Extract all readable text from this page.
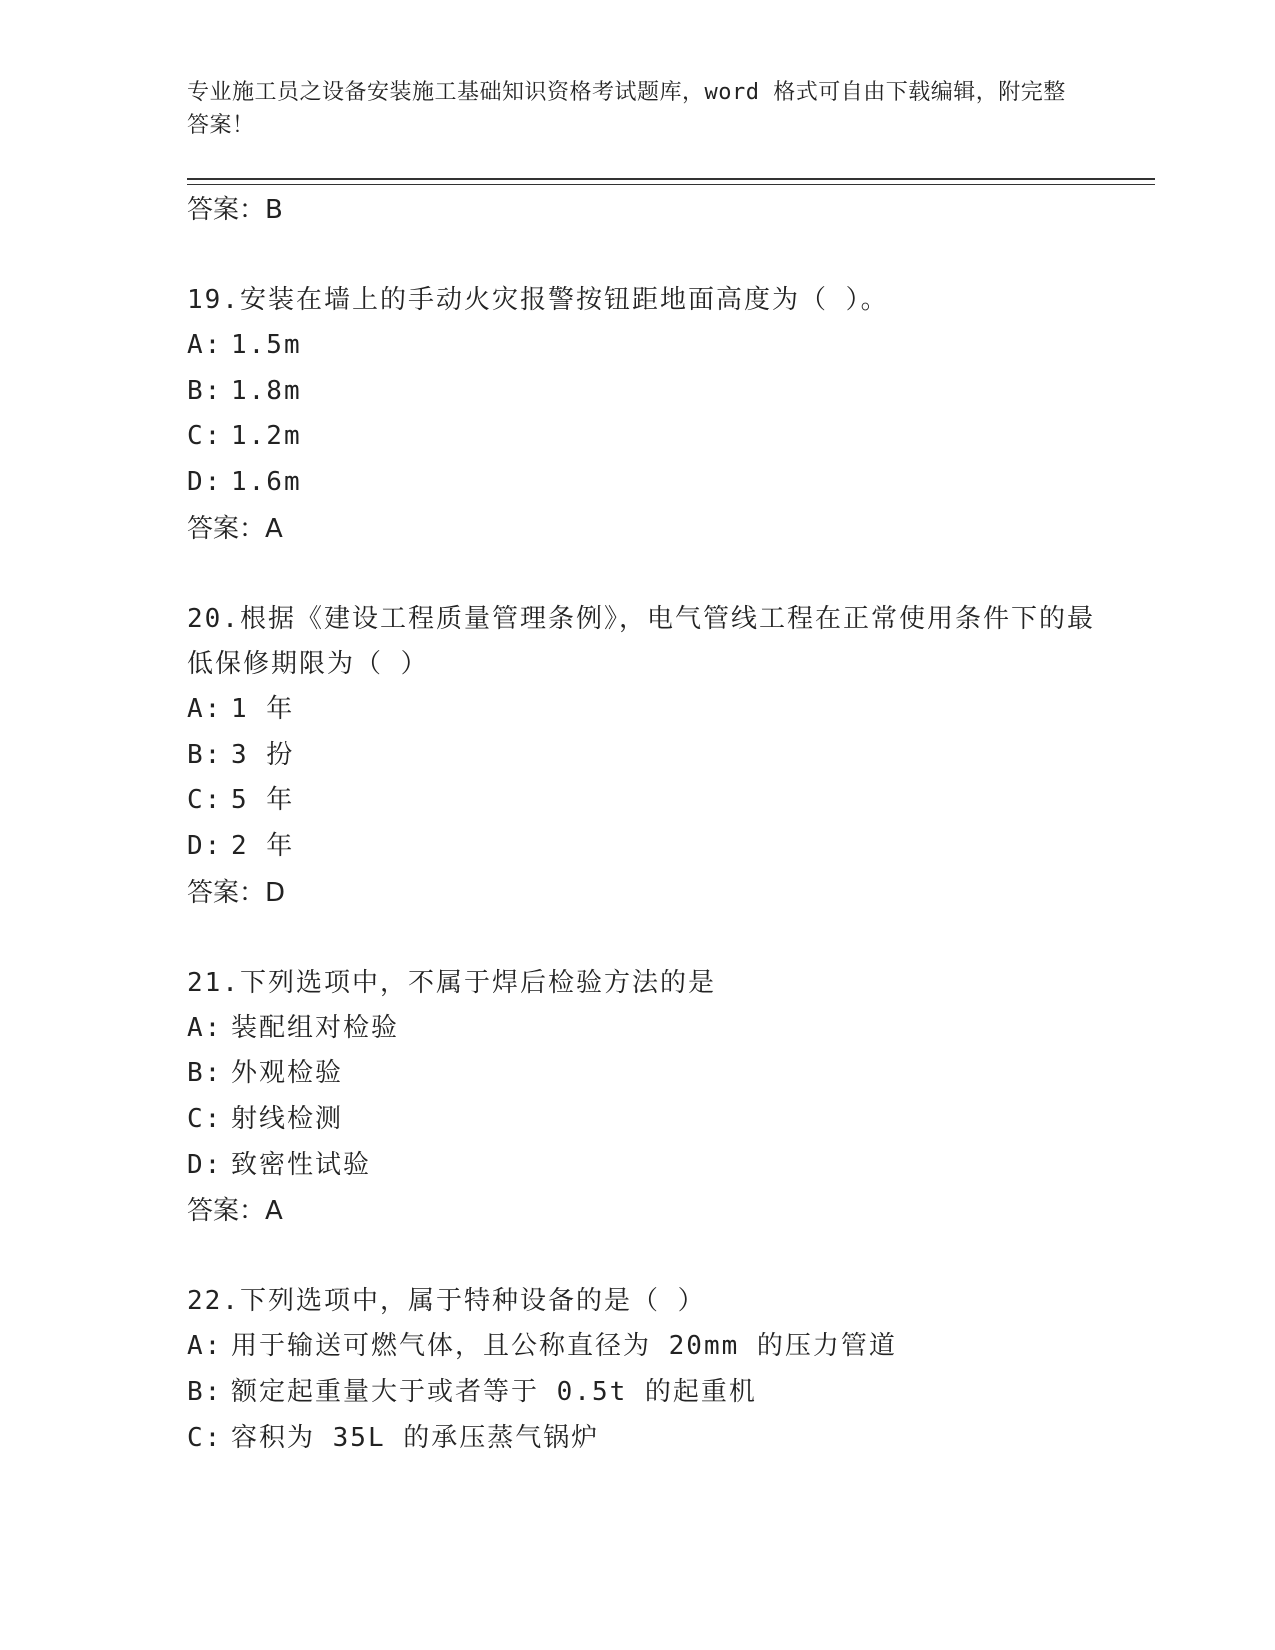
专业施工员之设备安装施工基础知识资格考试题库，word 格式可自由下载编辑，附完整答案！

答案：B

19.安装在墙上的手动火灾报警按钮距地面高度为（ ）。

A: 1.5m

B: 1.8m

C: 1.2m

D: 1.6m

答案：A

20.根据《建设工程质量管理条例》，电气管线工程在正常使用条件下的最低保修期限为（ ）

A: 1 年

B: 3 扮

C: 5 年

D: 2 年

答案：D

21.下列选项中，不属于焊后检验方法的是

A: 装配组对检验

B: 外观检验

C: 射线检测

D: 致密性试验

答案：A

22.下列选项中，属于特种设备的是（ ）

A: 用于输送可燃气体，且公称直径为 20mm 的压力管道

B: 额定起重量大于或者等于 0.5t 的起重机

C: 容积为 35L 的承压蒸气锅炉
